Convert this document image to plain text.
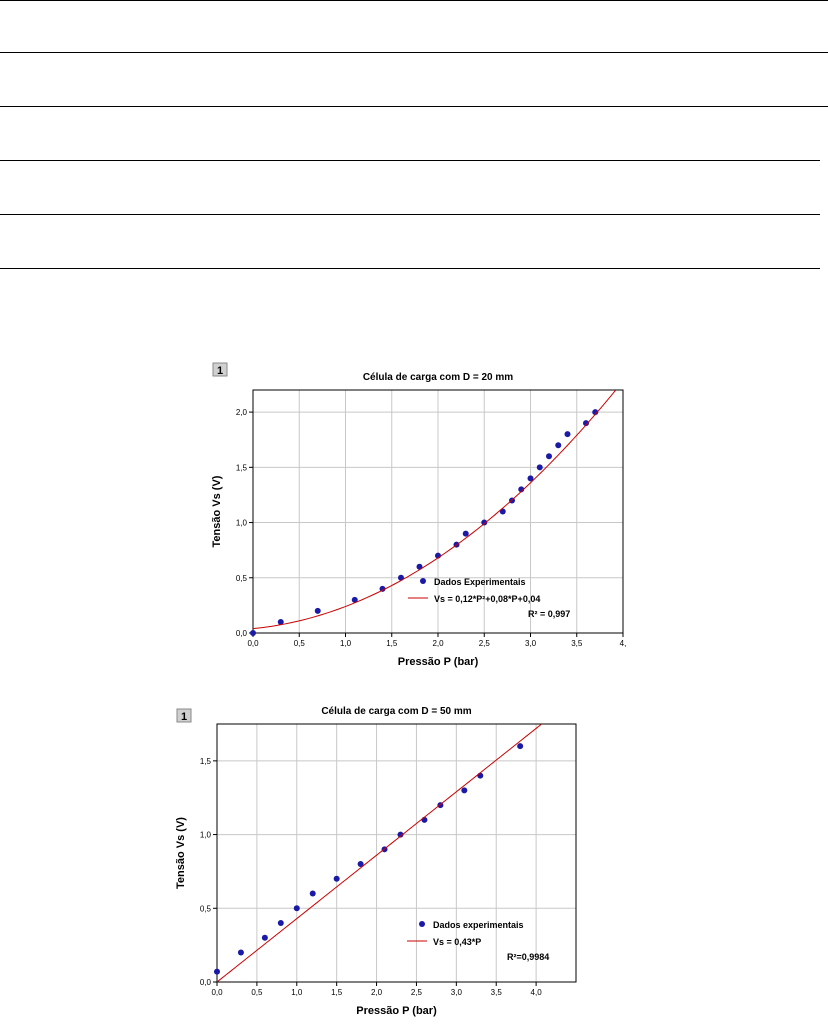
1
Célula de carga com D = 20 mm
0,0	0,5	1,0	1,5	2,0	2,5	3,0	3,5	4,
0,0
0,5
1,0
1,5
2,0
Pressão P (bar)
Tensão Vs (V)
Dados Experimentais
Vs = 0,12*P²+0,08*P+0,04
R² = 0,997
1	Célula de carga com D = 50 mm
0,0	0,5	1,0	1,5	2,0	2,5	3,0	3,5	4,0
0,0
0,5
1,0
1,5
Pressão P (bar)
Tensão Vs (V)
Dados experimentais
Vs = 0,43*P
R²=0,9984
